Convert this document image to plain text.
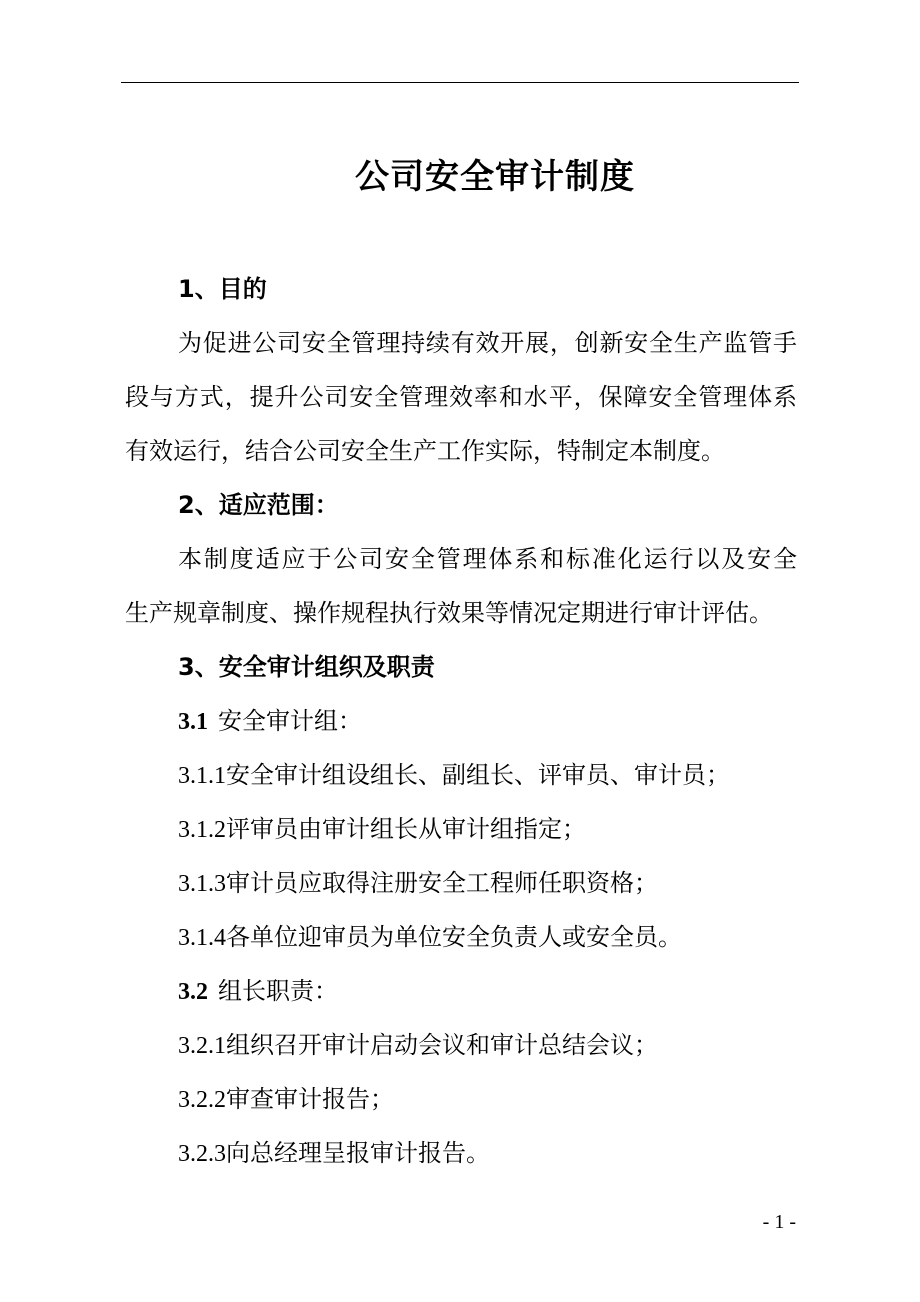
公司安全审计制度
1、目的
为促进公司安全管理持续有效开展，创新安全生产监管手
段与方式，提升公司安全管理效率和水平，保障安全管理体系
有效运行，结合公司安全生产工作实际，特制定本制度。
2、适应范围：
本制度适应于公司安全管理体系和标准化运行以及安全
生产规章制度、操作规程执行效果等情况定期进行审计评估。
3、安全审计组织及职责
3.1 安全审计组：
3.1.1安全审计组设组长、副组长、评审员、审计员；
3.1.2评审员由审计组长从审计组指定；
3.1.3审计员应取得注册安全工程师任职资格；
3.1.4各单位迎审员为单位安全负责人或安全员。
3.2 组长职责：
3.2.1组织召开审计启动会议和审计总结会议；
3.2.2审查审计报告；
3.2.3向总经理呈报审计报告。
- 1 -
